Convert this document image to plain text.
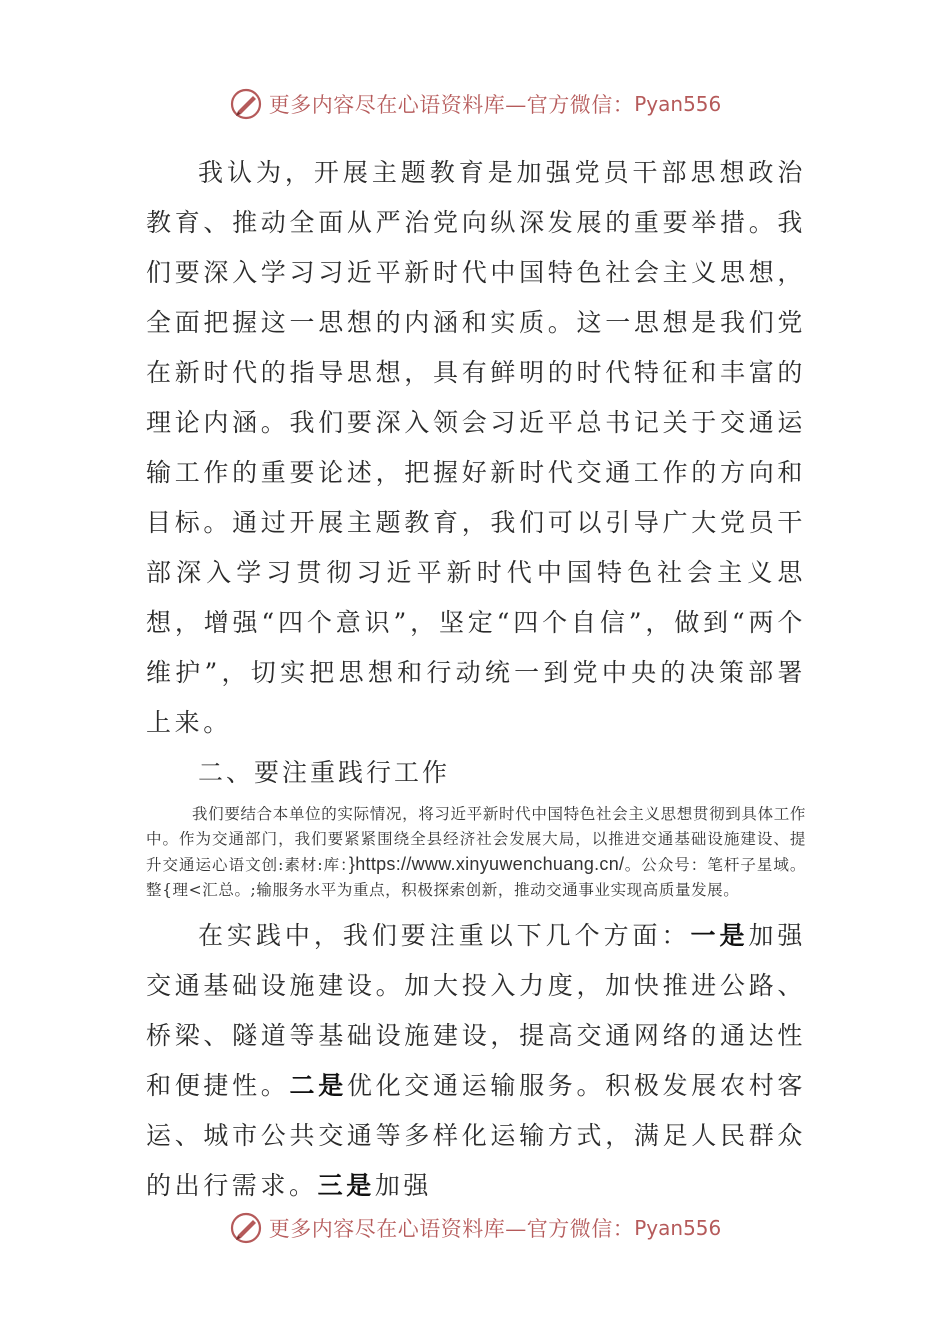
更多内容尽在心语资料库—官方微信： Pyan556

我认为，开展主题教育是加强党员干部思想政治教育、推动全面从严治党向纵深发展的重要举措。我们要深入学习习近平新时代中国特色社会主义思想，全面把握这一思想的内涵和实质。这一思想是我们党在新时代的指导思想，具有鲜明的时代特征和丰富的理论内涵。我们要深入领会习近平总书记关于交通运输工作的重要论述，把握好新时代交通工作的方向和目标。通过开展主题教育，我们可以引导广大党员干部深入学习贯彻习近平新时代中国特色社会主义思想，增强“四个意识”，坚定“四个自信”，做到“两个维护”，切实把思想和行动统一到党中央的决策部署上来。

二、要注重践行工作

我们要结合本单位的实际情况，将习近平新时代中国特色社会主义思想贯彻到具体工作中。作为交通部门，我们要紧紧围绕全县经济社会发展大局，以推进交通基础设施建设、提升交通运心语文创:素材:库：}https://www.xinyuwenchuang.cn/。公众号：笔杆子星域。整{理<汇总。;输服务水平为重点，积极探索创新，推动交通事业实现高质量发展。

在实践中，我们要注重以下几个方面：一是加强交通基础设施建设。加大投入力度，加快推进公路、桥梁、隧道等基础设施建设，提高交通网络的通达性和便捷性。二是优化交通运输服务。积极发展农村客运、城市公共交通等多样化运输方式，满足人民群众的出行需求。三是加强

更多内容尽在心语资料库—官方微信： Pyan556
